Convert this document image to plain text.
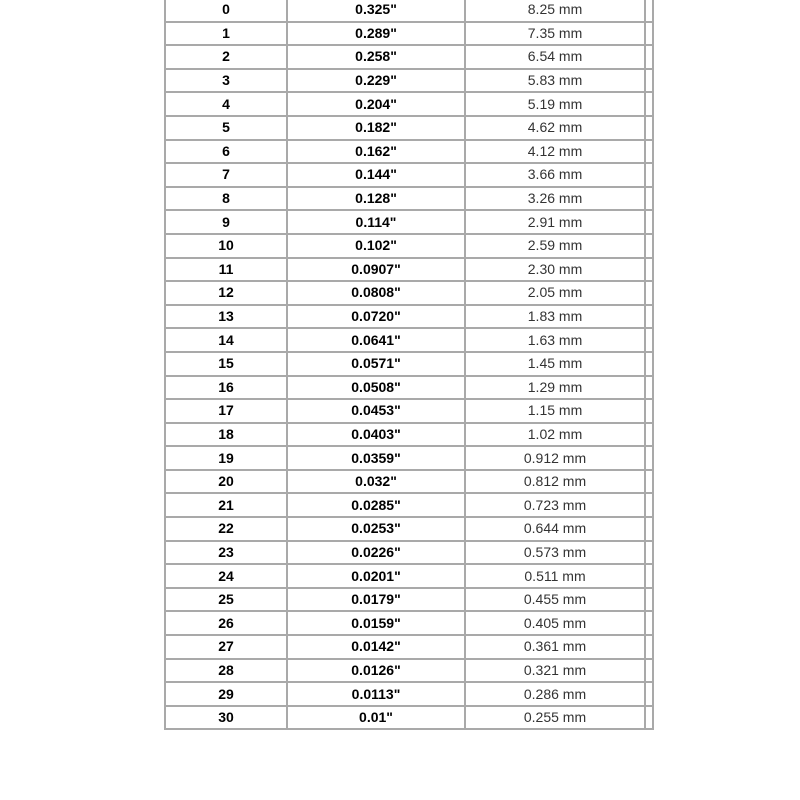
0	0.325"	8.25 mm	
1	0.289"	7.35 mm	
2	0.258"	6.54 mm	
3	0.229"	5.83 mm	
4	0.204"	5.19 mm	
5	0.182"	4.62 mm	
6	0.162"	4.12 mm	
7	0.144"	3.66 mm	
8	0.128"	3.26 mm	
9	0.114"	2.91 mm	
10	0.102"	2.59 mm	
11	0.0907"	2.30 mm	
12	0.0808"	2.05 mm	
13	0.0720"	1.83 mm	
14	0.0641"	1.63 mm	
15	0.0571"	1.45 mm	
16	0.0508"	1.29 mm	
17	0.0453"	1.15 mm	
18	0.0403"	1.02 mm	
19	0.0359"	0.912 mm	
20	0.032"	0.812 mm	
21	0.0285"	0.723 mm	
22	0.0253"	0.644 mm	
23	0.0226"	0.573 mm	
24	0.0201"	0.511 mm	
25	0.0179"	0.455 mm	
26	0.0159"	0.405 mm	
27	0.0142"	0.361 mm	
28	0.0126"	0.321 mm	
29	0.0113"	0.286 mm	
30	0.01"	0.255 mm	
